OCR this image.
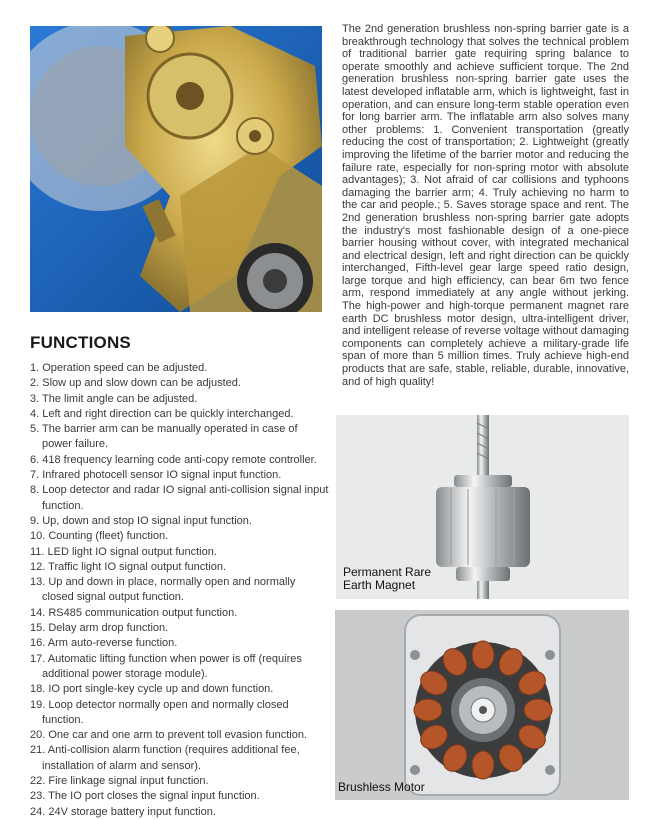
The 2nd generation brushless non-spring barrier gate is a breakthrough technology that solves the technical problem of traditional barrier gate requiring spring balance to operate smoothly and achieve sufficient torque. The 2nd generation brushless non-spring barrier gate uses the latest developed inflatable arm, which is lightweight, fast in operation, and can ensure long-term stable operation even for long barrier arm. The inflatable arm also solves many other problems: 1. Convenient transportation (greatly reducing the cost of transportation; 2. Lightweight (greatly improving the lifetime of the barrier motor and reducing the failure rate, especially for non-spring motor with absolute advantages); 3. Not afraid of car collisions and typhoons damaging the barrier arm; 4. Truly achieving no harm to the car and people.; 5. Saves storage space and rent. The 2nd generation brushless non-spring barrier gate adopts the industry's most fashionable design of a one-piece barrier housing without cover, with integrated mechanical and electrical design, left and right direction can be quickly interchanged, Fifth-level gear large speed ratio design, large torque and high efficiency, can bear 6m two fence arm, respond immediately at any angle without jerking. The high-power and high-torque permanent magnet rare earth DC brushless motor design, ultra-intelligent driver, and intelligent release of reverse voltage without damaging components can completely achieve a military-grade life span of more than 5 million times. Truly achieve high-end products that are safe, stable, reliable, durable, innovative, and of high quality!

FUNCTIONS
1. Operation speed can be adjusted.
2. Slow up and slow down can be adjusted.
3. The limit angle can be adjusted.
4. Left and right direction can be quickly interchanged.
5. The barrier arm can be manually operated in case of power failure.
6. 418 frequency learning code anti-copy remote controller.
7. Infrared photocell sensor IO signal input function.
8. Loop detector and radar IO signal anti-collision signal input function.
9. Up, down and stop IO signal input function.
10. Counting (fleet) function.
11. LED light IO signal output function.
12. Traffic light IO signal output function.
13. Up and down in place, normally open and normally closed signal output function.
14. RS485 communication output function.
15. Delay arm drop function.
16. Arm auto-reverse function.
17. Automatic lifting function when power is off (requires additional power storage module).
18. IO port single-key cycle up and down function.
19. Loop detector normally open and normally closed function.
20. One car and one arm to prevent toll evasion function.
21. Anti-collision alarm function (requires additional fee, installation of alarm and sensor).
22. Fire linkage signal input function.
23. The IO port closes the signal input function.
24. 24V storage battery input function.
Permanent Rare Earth Magnet
Brushless Motor
